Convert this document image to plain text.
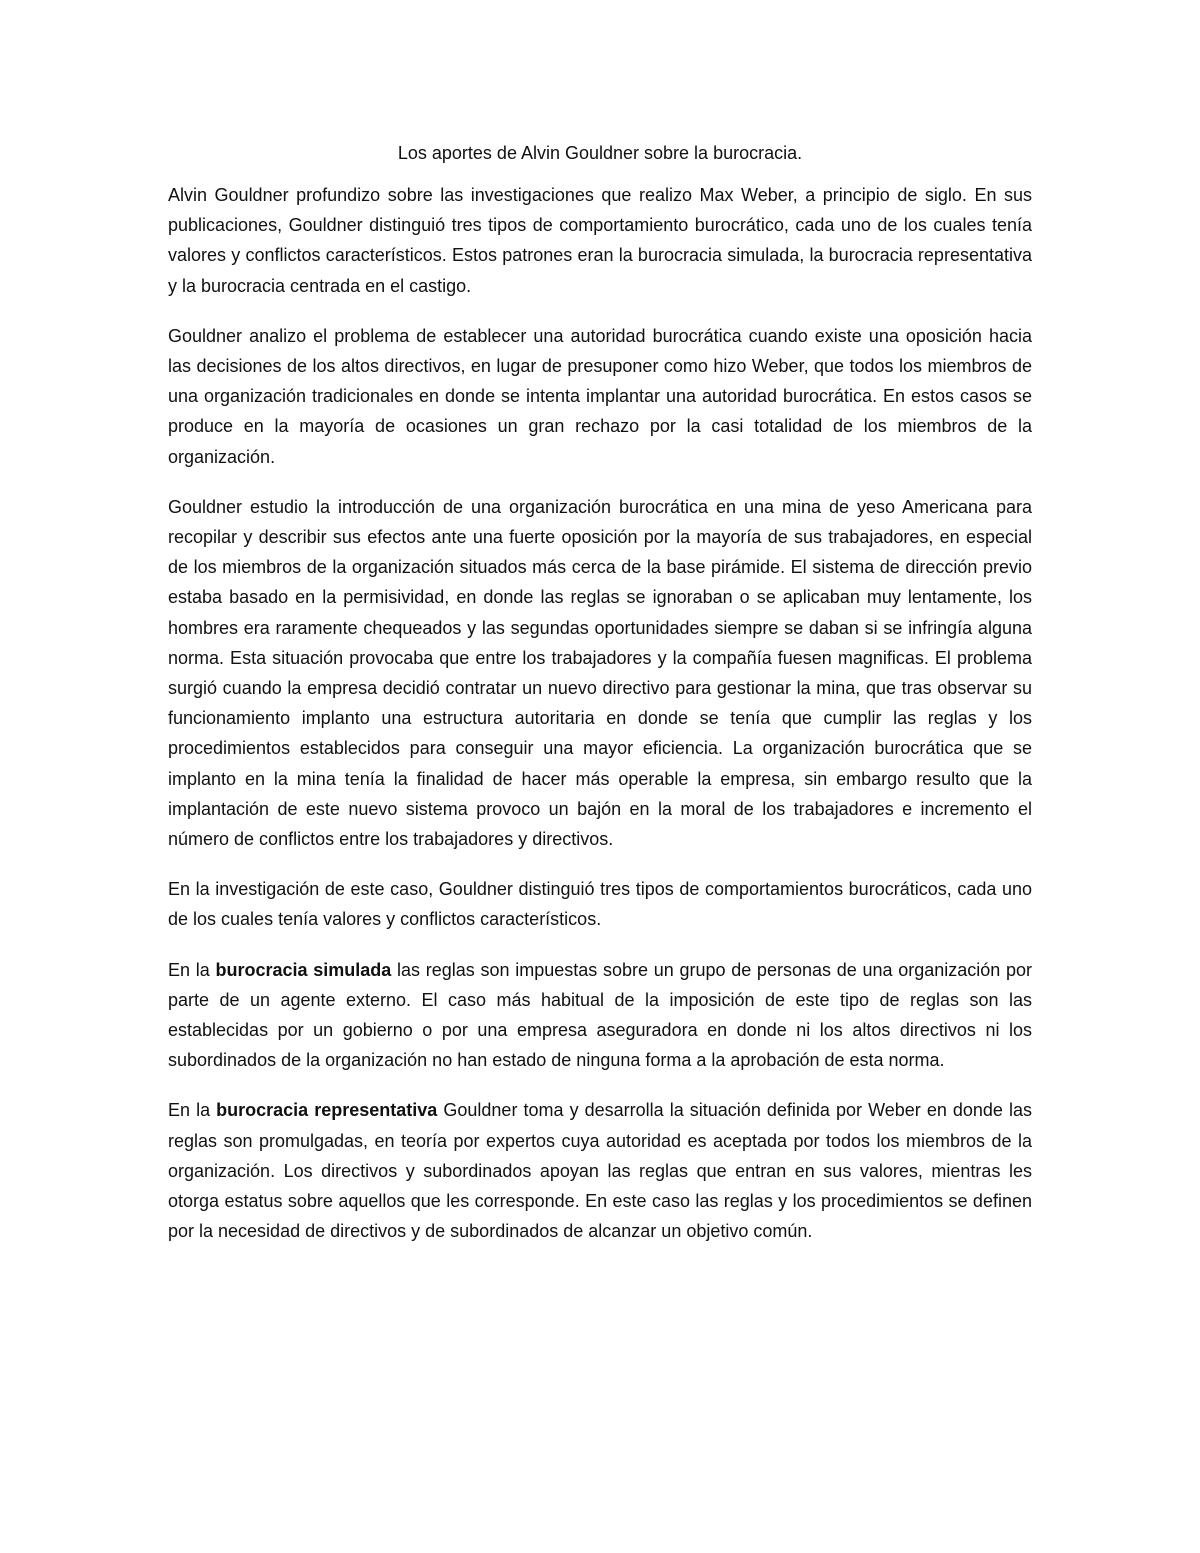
Los aportes de Alvin Gouldner sobre la burocracia.

Alvin Gouldner profundizo sobre las investigaciones que realizo Max Weber, a principio de siglo. En sus publicaciones, Gouldner distinguió tres tipos de comportamiento burocrático, cada uno de los cuales tenía valores y conflictos característicos. Estos patrones eran la burocracia simulada, la burocracia representativa y la burocracia centrada en el castigo.

Gouldner analizo el problema de establecer una autoridad burocrática cuando existe una oposición hacia las decisiones de los altos directivos, en lugar de presuponer como hizo Weber, que todos los miembros de una organización tradicionales en donde se intenta implantar una autoridad burocrática. En estos casos se produce en la mayoría de ocasiones un gran rechazo por la casi totalidad de los miembros de la organización.

Gouldner estudio la introducción de una organización burocrática en una mina de yeso Americana para recopilar y describir sus efectos ante una fuerte oposición por la mayoría de sus trabajadores, en especial de los miembros de la organización situados más cerca de la base pirámide. El sistema de dirección previo estaba basado en la permisividad, en donde las reglas se ignoraban o se aplicaban muy lentamente, los hombres era raramente chequeados y las segundas oportunidades siempre se daban si se infringía alguna norma. Esta situación provocaba que entre los trabajadores y la compañía fuesen magnificas. El problema surgió cuando la empresa decidió contratar un nuevo directivo para gestionar la mina, que tras observar su funcionamiento implanto una estructura autoritaria en donde se tenía que cumplir las reglas y los procedimientos establecidos para conseguir una mayor eficiencia. La organización burocrática que se implanto en la mina tenía la finalidad de hacer más operable la empresa, sin embargo resulto que la implantación de este nuevo sistema provoco un bajón en la moral de los trabajadores e incremento el número de conflictos entre los trabajadores y directivos.

En la investigación de este caso, Gouldner distinguió tres tipos de comportamientos burocráticos, cada uno de los cuales tenía valores y conflictos característicos.

En la burocracia simulada las reglas son impuestas sobre un grupo de personas de una organización por parte de un agente externo. El caso más habitual de la imposición de este tipo de reglas son las establecidas por un gobierno o por una empresa aseguradora en donde ni los altos directivos ni los subordinados de la organización no han estado de ninguna forma a la aprobación de esta norma.

En la burocracia representativa Gouldner toma y desarrolla la situación definida por Weber en donde las reglas son promulgadas, en teoría por expertos cuya autoridad es aceptada por todos los miembros de la organización. Los directivos y subordinados apoyan las reglas que entran en sus valores, mientras les otorga estatus sobre aquellos que les corresponde. En este caso las reglas y los procedimientos se definen por la necesidad de directivos y de subordinados de alcanzar un objetivo común.
